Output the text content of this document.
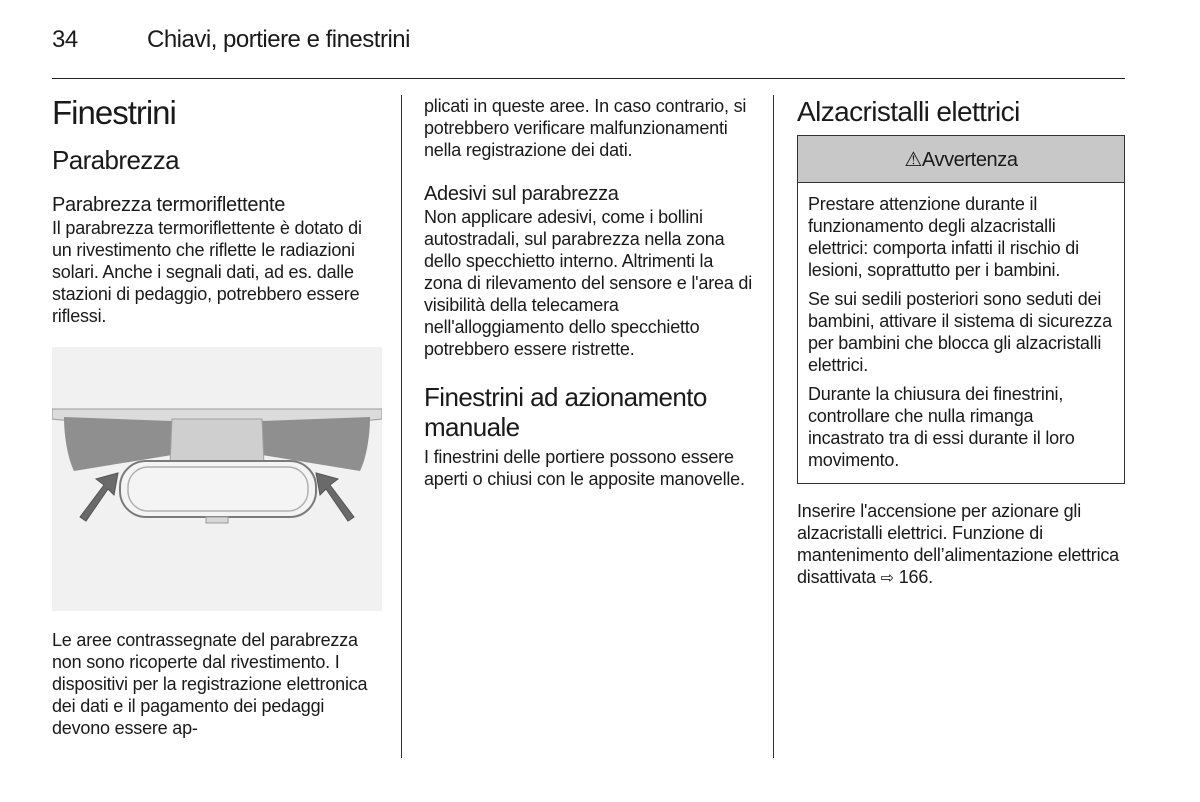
34	Chiavi, portiere e finestrini
Finestrini
Parabrezza
Parabrezza termoriflettente

Il parabrezza termoriflettente è dotato di un rivestimento che riflette le radiazioni solari. Anche i segnali dati, ad es. dalle stazioni di pedaggio, potrebbero essere riflessi.

Le aree contrassegnate del parabrezza non sono ricoperte dal rivestimento. I dispositivi per la registrazione elettronica dei dati e il pagamento dei pedaggi devono essere ap-

plicati in queste aree. In caso contrario, si potrebbero verificare malfunzionamenti nella registrazione dei dati.

Adesivi sul parabrezza

Non applicare adesivi, come i bollini autostradali, sul parabrezza nella zona dello specchietto interno. Altrimenti la zona di rilevamento del sensore e l'area di visibilità della telecamera nell'alloggiamento dello specchietto potrebbero essere ristrette.

Finestrini ad azionamento manuale

I finestrini delle portiere possono essere aperti o chiusi con le apposite manovelle.

Alzacristalli elettrici
⚠Avvertenza

Prestare attenzione durante il funzionamento degli alzacristalli elettrici: comporta infatti il rischio di lesioni, soprattutto per i bambini.

Se sui sedili posteriori sono seduti dei bambini, attivare il sistema di sicurezza per bambini che blocca gli alzacristalli elettrici.

Durante la chiusura dei finestrini, controllare che nulla rimanga incastrato tra di essi durante il loro movimento.

Inserire l'accensione per azionare gli alzacristalli elettrici. Funzione di mantenimento dell’alimentazione elettrica disattivata ⇨ 166.
